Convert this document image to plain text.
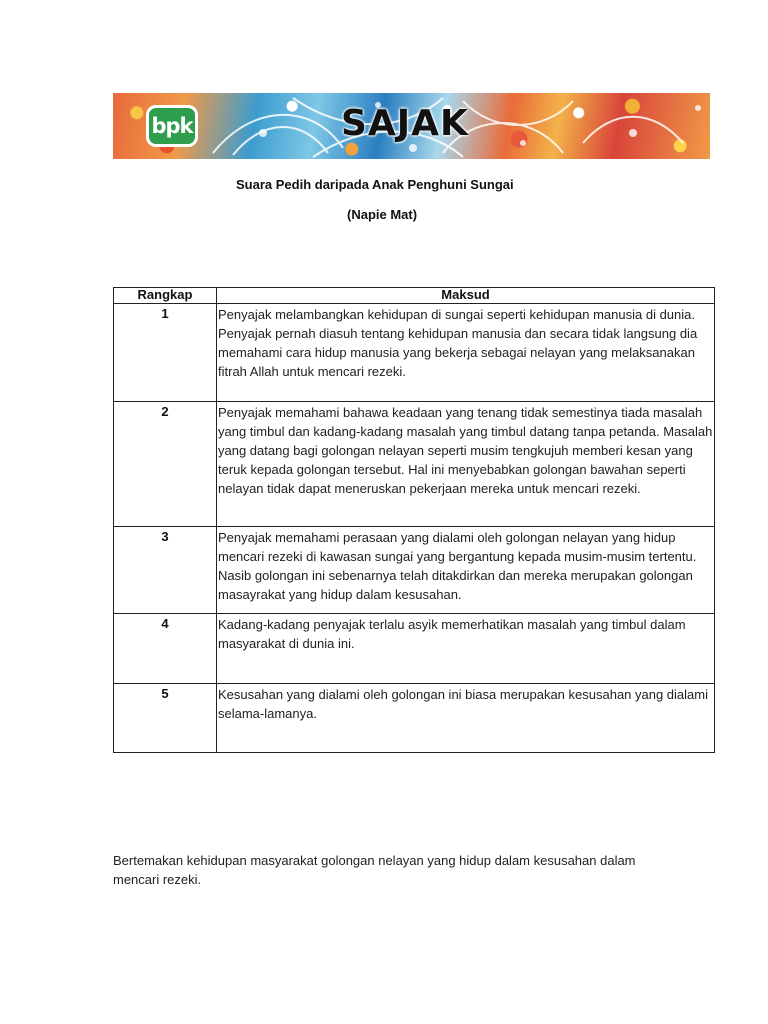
bpk	SAJAK
Suara Pedih daripada Anak Penghuni Sungai
(Napie Mat)
Rangkap	Maksud
1	Penyajak melambangkan kehidupan di sungai seperti kehidupan manusia di dunia. Penyajak pernah diasuh tentang kehidupan manusia dan secara tidak langsung dia memahami cara hidup manusia yang bekerja sebagai nelayan yang melaksanakan fitrah Allah untuk mencari rezeki.
2	Penyajak memahami bahawa keadaan yang tenang tidak semestinya tiada masalah yang timbul dan kadang-kadang masalah yang timbul datang tanpa petanda. Masalah yang datang bagi golongan nelayan seperti musim tengkujuh memberi kesan yang teruk kepada golongan tersebut. Hal ini menyebabkan golongan bawahan seperti nelayan tidak dapat meneruskan pekerjaan mereka untuk mencari rezeki.
3	Penyajak memahami perasaan yang dialami oleh golongan nelayan yang hidup mencari rezeki di kawasan sungai yang bergantung kepada musim-musim tertentu. Nasib golongan ini sebenarnya telah ditakdirkan dan mereka merupakan golongan masayrakat yang hidup dalam kesusahan.
4	Kadang-kadang penyajak terlalu asyik memerhatikan masalah yang timbul dalam masyarakat di dunia ini.
5	Kesusahan yang dialami oleh golongan ini biasa merupakan kesusahan yang dialami selama-lamanya.
Bertemakan kehidupan masyarakat golongan nelayan yang hidup dalam kesusahan dalam mencari rezeki.
